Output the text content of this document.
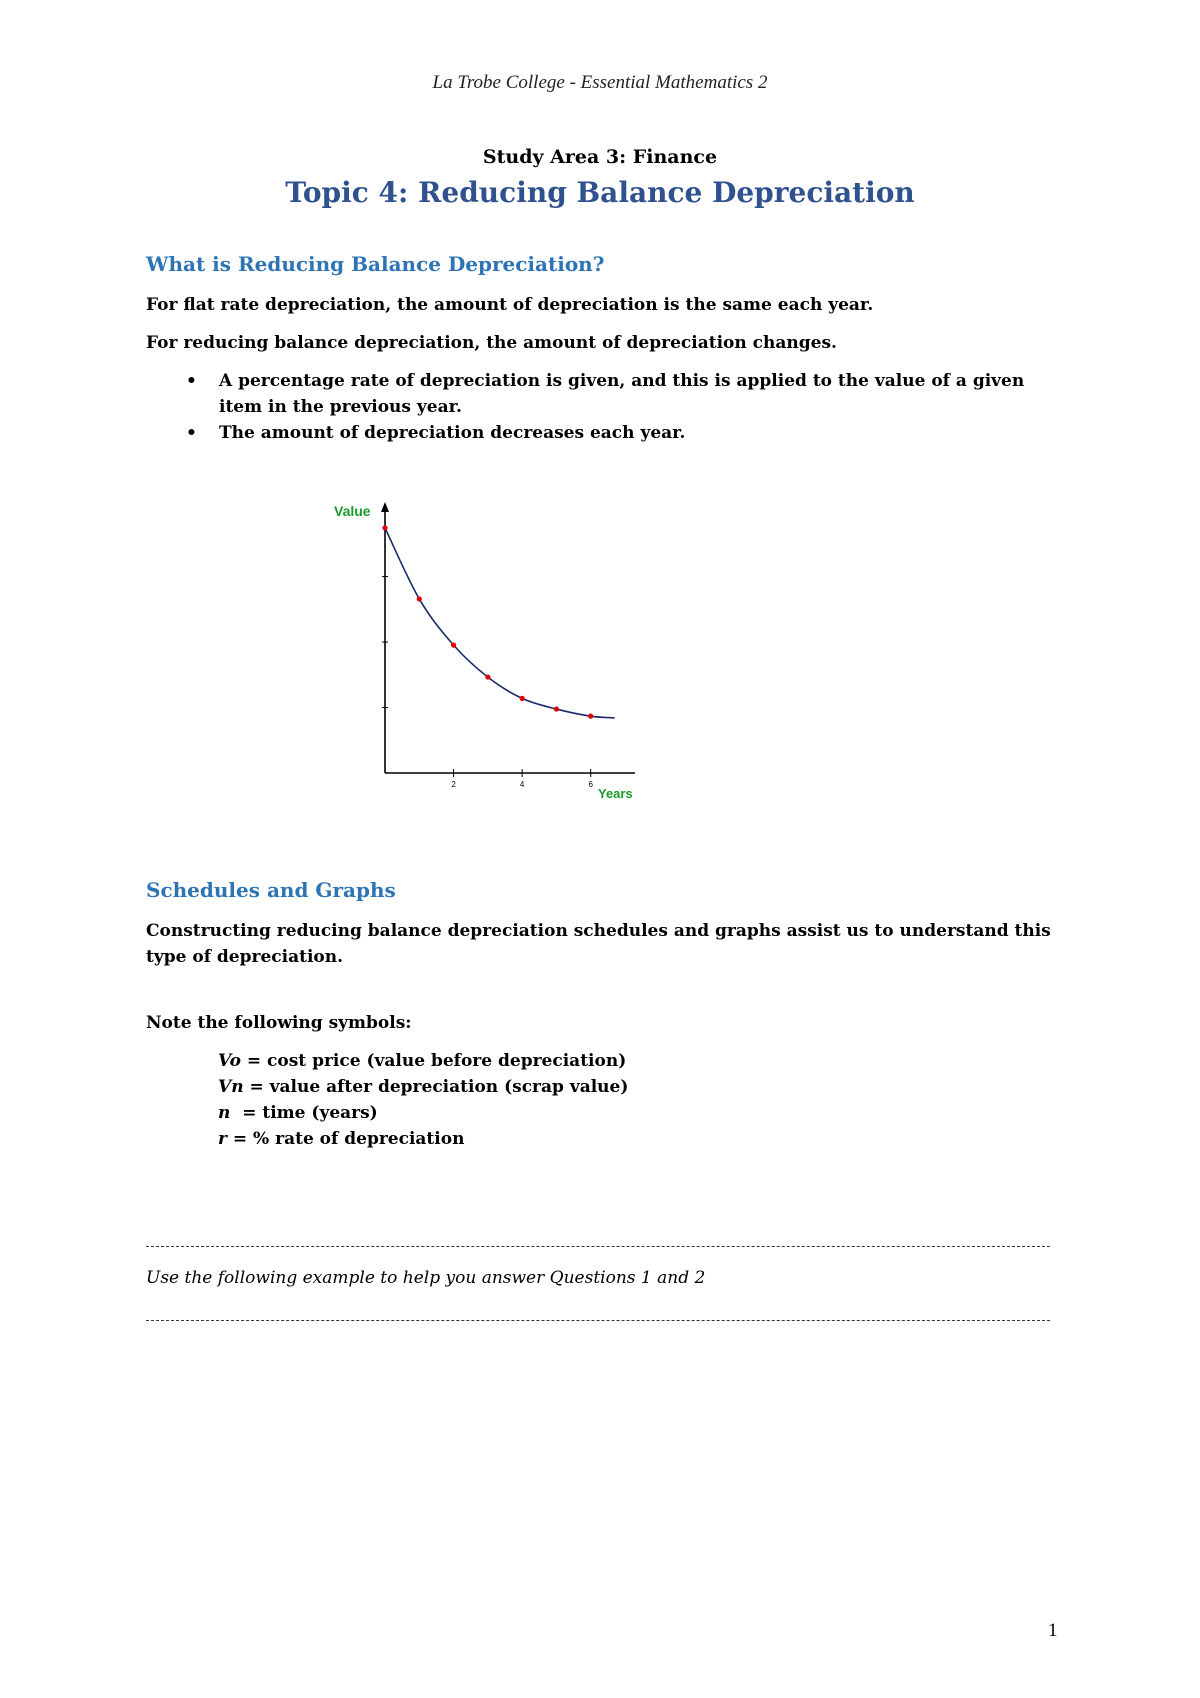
La Trobe College - Essential Mathematics 2
Study Area 3: Finance
Topic 4: Reducing Balance Depreciation
What is Reducing Balance Depreciation?
For flat rate depreciation, the amount of depreciation is the same each year.
For reducing balance depreciation, the amount of depreciation changes.
• A percentage rate of depreciation is given, and this is applied to the value of a given item in the previous year.
• The amount of depreciation decreases each year.
2	4	6
Value
Years
Schedules and Graphs
Constructing reducing balance depreciation schedules and graphs assist us to understand this type of depreciation.
Note the following symbols:
Vo = cost price (value before depreciation)
Vn = value after depreciation (scrap value)
n  = time (years)
r = % rate of depreciation
Use the following example to help you answer Questions 1 and 2
1
